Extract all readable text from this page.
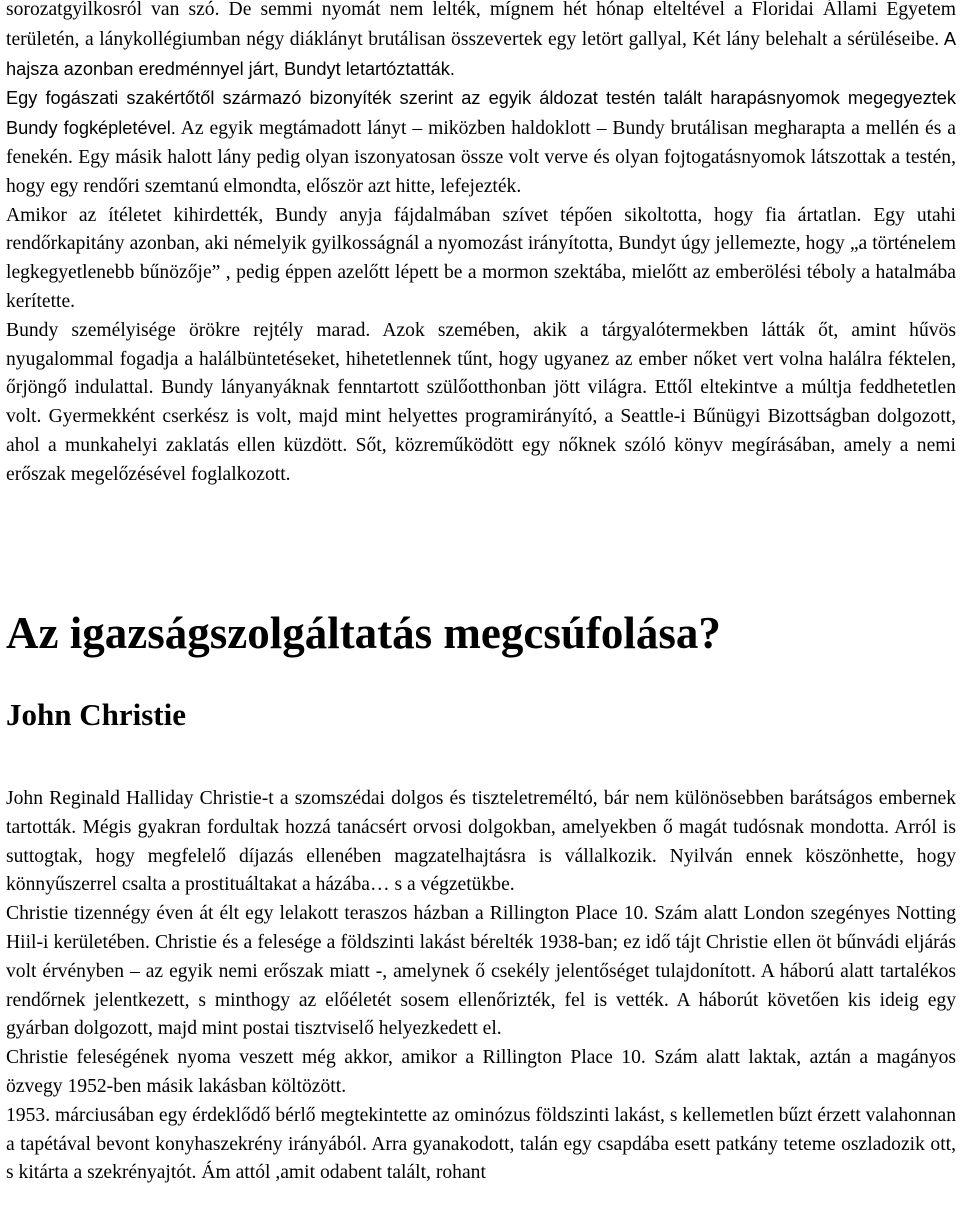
sorozatgyilkosról van szó. De semmi nyomát nem lelték, mígnem hét hónap elteltével a Floridai Állami Egyetem területén, a lánykollégiumban négy diáklányt brutálisan összevertek egy letört gallyal, Két lány belehalt a sérüléseibe. A hajsza azonban eredménnyel járt, Bundyt letartóztatták.

Egy fogászati szakértőtől származó bizonyíték szerint az egyik áldozat testén talált harapásnyomok megegyeztek Bundy fogképletével. Az egyik megtámadott lányt – miközben haldoklott – Bundy brutálisan megharapta a mellén és a fenekén. Egy másik halott lány pedig olyan iszonyatosan össze volt verve és olyan fojtogatásnyomok látszottak a testén, hogy egy rendőri szemtanú elmondta, először azt hitte, lefejezték.

Amikor az ítéletet kihirdették, Bundy anyja fájdalmában szívet tépően sikoltotta, hogy fia ártatlan. Egy utahi rendőrkapitány azonban, aki némelyik gyilkosságnál a nyomozást irányította, Bundyt úgy jellemezte, hogy „a történelem legkegyetlenebb bűnözője” , pedig éppen azelőtt lépett be a mormon szektába, mielőtt az emberölési téboly a hatalmába kerítette.

Bundy személyisége örökre rejtély marad. Azok szemében, akik a tárgyalótermekben látták őt, amint hűvös nyugalommal fogadja a halálbüntetéseket, hihetetlennek tűnt, hogy ugyanez az ember nőket vert volna halálra féktelen, őrjöngő indulattal. Bundy lányanyáknak fenntartott szülőotthonban jött világra. Ettől eltekintve a múltja feddhetetlen volt. Gyermekként cserkész is volt, majd mint helyettes programirányító, a Seattle-i Bűnügyi Bizottságban dolgozott, ahol a munkahelyi zaklatás ellen küzdött. Sőt, közreműködött egy nőknek szóló könyv megírásában, amely a nemi erőszak megelőzésével foglalkozott.

Az igazságszolgáltatás megcsúfolása?
John Christie

John Reginald Halliday Christie-t a szomszédai dolgos és tiszteletreméltó, bár nem különösebben barátságos embernek tartották. Mégis gyakran fordultak hozzá tanácsért orvosi dolgokban, amelyekben ő magát tudósnak mondotta. Arról is suttogtak, hogy megfelelő díjazás ellenében magzatelhajtásra is vállalkozik. Nyilván ennek köszönhette, hogy könnyűszerrel csalta a prostituáltakat a házába… s a végzetükbe.

Christie tizennégy éven át élt egy lelakott teraszos házban a Rillington Place 10. Szám alatt London szegényes Notting Hiil-i kerületében. Christie és a felesége a földszinti lakást bérelték 1938-ban; ez idő tájt Christie ellen öt bűnvádi eljárás volt érvényben – az egyik nemi erőszak miatt -, amelynek ő csekély jelentőséget tulajdonított. A háború alatt tartalékos rendőrnek jelentkezett, s minthogy az előéletét sosem ellenőrizték, fel is vették. A háborút követően kis ideig egy gyárban dolgozott, majd mint postai tisztviselő helyezkedett el.

Christie feleségének nyoma veszett még akkor, amikor a Rillington Place 10. Szám alatt laktak, aztán a magányos özvegy 1952-ben másik lakásban költözött.

1953. márciusában egy érdeklődő bérlő megtekintette az ominózus földszinti lakást, s kellemetlen bűzt érzett valahonnan a tapétával bevont konyhaszekrény irányából. Arra gyanakodott, talán egy csapdába esett patkány teteme oszladozik ott, s kitárta a szekrényajtót. Ám attól ,amit odabent talált, rohant
